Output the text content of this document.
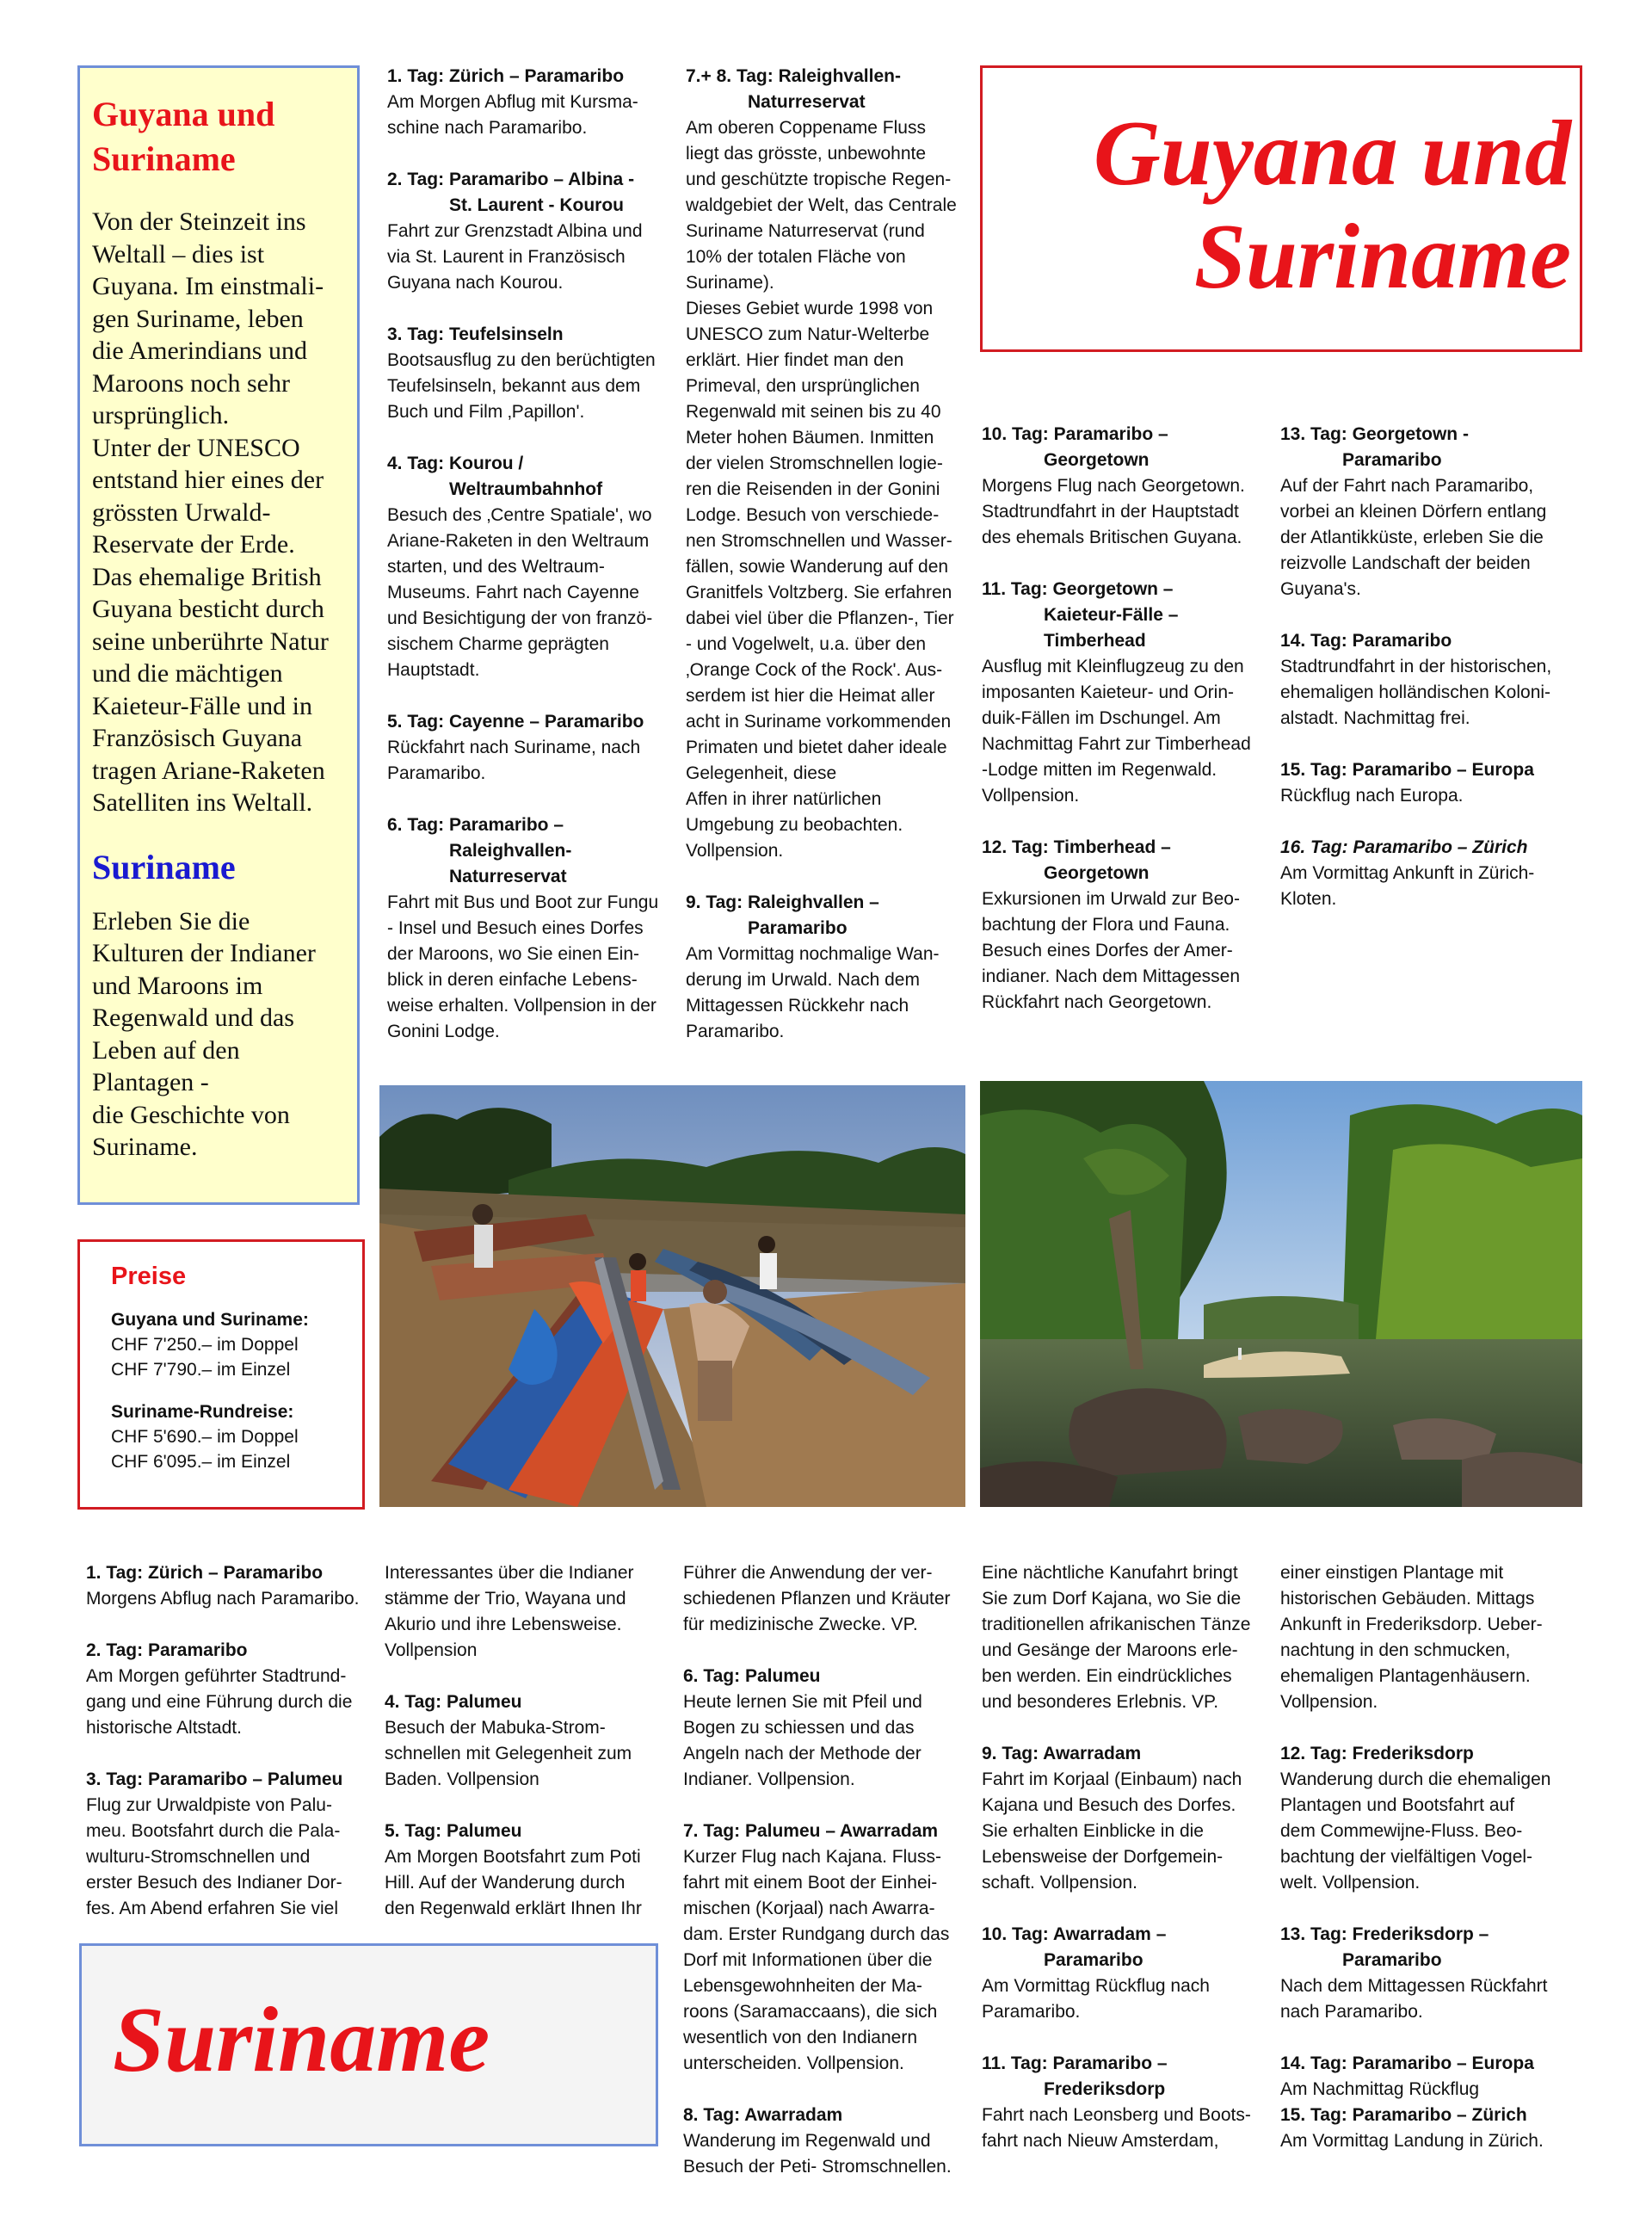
Guyana und Suriname
Von der Steinzeit ins
Weltall – dies ist
Guyana. Im einstmali-
gen Suriname, leben
die Amerindians und
Maroons noch sehr
ursprünglich.
Unter der UNESCO
entstand hier eines der
grössten Urwald-
Reservate der Erde.
Das ehemalige British
Guyana besticht durch
seine unberührte Natur
und die mächtigen
Kaieteur-Fälle und in
Französisch Guyana
tragen Ariane-Raketen
Satelliten ins Weltall.
Suriname
Erleben Sie die
Kulturen der Indianer
und Maroons im
Regenwald und das
Leben auf den
Plantagen -
die Geschichte von
Suriname.
Preise
Guyana und Suriname:
CHF 7'250.– im Doppel
CHF 7'790.– im Einzel
Suriname-Rundreise:
CHF 5'690.– im Doppel
CHF 6'095.– im Einzel
Guyana und
Suriname

1. Tag: Zürich – Paramaribo
Am Morgen Abflug mit Kursma-
schine nach Paramaribo.

2. Tag: Paramaribo – Albina -
St. Laurent - Kourou
Fahrt zur Grenzstadt Albina und
via St. Laurent in Französisch
Guyana nach Kourou.

3. Tag: Teufelsinseln
Bootsausflug zu den berüchtigten
Teufelsinseln, bekannt aus dem
Buch und Film ‚Papillon'.

4. Tag: Kourou /
Weltraumbahnhof
Besuch des ‚Centre Spatiale', wo
Ariane-Raketen in den Weltraum
starten, und des Weltraum-
Museums. Fahrt nach Cayenne
und Besichtigung der von franzö-
sischem Charme geprägten
Hauptstadt.

5. Tag: Cayenne – Paramaribo
Rückfahrt nach Suriname, nach
Paramaribo.

6. Tag: Paramaribo –
Raleighvallen-
Naturreservat
Fahrt mit Bus und Boot zur Fungu
- Insel und Besuch eines Dorfes
der Maroons, wo Sie einen Ein-
blick in deren einfache Lebens-
weise erhalten. Vollpension in der
Gonini Lodge.

7.+ 8. Tag: Raleighvallen-
Naturreservat
Am oberen Coppename Fluss
liegt das grösste, unbewohnte
und geschützte tropische Regen-
waldgebiet der Welt, das Centrale
Suriname Naturreservat (rund
10% der totalen Fläche von
Suriname).
Dieses Gebiet wurde 1998 von
UNESCO zum Natur-Welterbe
erklärt. Hier findet man den
Primeval, den ursprünglichen
Regenwald mit seinen bis zu 40
Meter hohen Bäumen. Inmitten
der vielen Stromschnellen logie-
ren die Reisenden in der Gonini
Lodge. Besuch von verschiede-
nen Stromschnellen und Wasser-
fällen, sowie Wanderung auf den
Granitfels Voltzberg. Sie erfahren
dabei viel über die Pflanzen-, Tier
- und Vogelwelt, u.a. über den
‚Orange Cock of the Rock'. Aus-
serdem ist hier die Heimat aller
acht in Suriname vorkommenden
Primaten und bietet daher ideale
Gelegenheit, diese
Affen in ihrer natürlichen
Umgebung zu beobachten.
Vollpension.

9. Tag: Raleighvallen –
Paramaribo
Am Vormittag nochmalige Wan-
derung im Urwald. Nach dem
Mittagessen Rückkehr nach
Paramaribo.

10. Tag: Paramaribo –
Georgetown
Morgens Flug nach Georgetown.
Stadtrundfahrt in der Hauptstadt
des ehemals Britischen Guyana.

11. Tag: Georgetown –
Kaieteur-Fälle –
Timberhead
Ausflug mit Kleinflugzeug zu den
imposanten Kaieteur- und Orin-
duik-Fällen im Dschungel. Am
Nachmittag Fahrt zur Timberhead
-Lodge mitten im Regenwald.
Vollpension.

12. Tag: Timberhead –
Georgetown
Exkursionen im Urwald zur Beo-
bachtung der Flora und Fauna.
Besuch eines Dorfes der Amer-
indianer. Nach dem Mittagessen
Rückfahrt nach Georgetown.

13. Tag: Georgetown -
Paramaribo
Auf der Fahrt nach Paramaribo,
vorbei an kleinen Dörfern entlang
der Atlantikküste, erleben Sie die
reizvolle Landschaft der beiden
Guyana's.

14. Tag: Paramaribo
Stadtrundfahrt in der historischen,
ehemaligen holländischen Koloni-
alstadt. Nachmittag frei.

15. Tag: Paramaribo – Europa
Rückflug nach Europa.

16. Tag: Paramaribo – Zürich
Am Vormittag Ankunft in Zürich-
Kloten.

1. Tag: Zürich – Paramaribo
Morgens Abflug nach Paramaribo.

2. Tag: Paramaribo
Am Morgen geführter Stadtrund-
gang und eine Führung durch die
historische Altstadt.

3. Tag: Paramaribo – Palumeu
Flug zur Urwaldpiste von Palu-
meu. Bootsfahrt durch die Pala-
wulturu-Stromschnellen und
erster Besuch des Indianer Dor-
fes. Am Abend erfahren Sie viel

Interessantes über die Indianer
stämme der Trio, Wayana und
Akurio und ihre Lebensweise.
Vollpension

4. Tag: Palumeu
Besuch der Mabuka-Strom-
schnellen mit Gelegenheit zum
Baden. Vollpension

5. Tag: Palumeu
Am Morgen Bootsfahrt zum Poti
Hill. Auf der Wanderung durch
den Regenwald erklärt Ihnen Ihr

Führer die Anwendung der ver-
schiedenen Pflanzen und Kräuter
für medizinische Zwecke. VP.

6. Tag: Palumeu
Heute lernen Sie mit Pfeil und
Bogen zu schiessen und das
Angeln nach der Methode der
Indianer. Vollpension.

7. Tag: Palumeu – Awarradam
Kurzer Flug nach Kajana. Fluss-
fahrt mit einem Boot der Einhei-
mischen (Korjaal) nach Awarra-
dam. Erster Rundgang durch das
Dorf mit Informationen über die
Lebensgewohnheiten der Ma-
roons (Saramaccaans), die sich
wesentlich von den Indianern
unterscheiden. Vollpension.

8. Tag: Awarradam
Wanderung im Regenwald und
Besuch der Peti- Stromschnellen.

Eine nächtliche Kanufahrt bringt
Sie zum Dorf Kajana, wo Sie die
traditionellen afrikanischen Tänze
und Gesänge der Maroons erle-
ben werden. Ein eindrückliches
und besonderes Erlebnis. VP.

9. Tag: Awarradam
Fahrt im Korjaal (Einbaum) nach
Kajana und Besuch des Dorfes.
Sie erhalten Einblicke in die
Lebensweise der Dorfgemein-
schaft. Vollpension.

10. Tag: Awarradam –
Paramaribo
Am Vormittag Rückflug nach
Paramaribo.

11. Tag: Paramaribo –
Frederiksdorp
Fahrt nach Leonsberg und Boots-
fahrt nach Nieuw Amsterdam,

einer einstigen Plantage mit
historischen Gebäuden. Mittags
Ankunft in Frederiksdorp. Ueber-
nachtung in den schmucken,
ehemaligen Plantagenhäusern.
Vollpension.

12. Tag: Frederiksdorp
Wanderung durch die ehemaligen
Plantagen und Bootsfahrt auf
dem Commewijne-Fluss. Beo-
bachtung der vielfältigen Vogel-
welt. Vollpension.

13. Tag: Frederiksdorp –
Paramaribo
Nach dem Mittagessen Rückfahrt
nach Paramaribo.

14. Tag: Paramaribo – Europa
Am Nachmittag Rückflug

15. Tag: Paramaribo – Zürich
Am Vormittag Landung in Zürich.

Suriname
